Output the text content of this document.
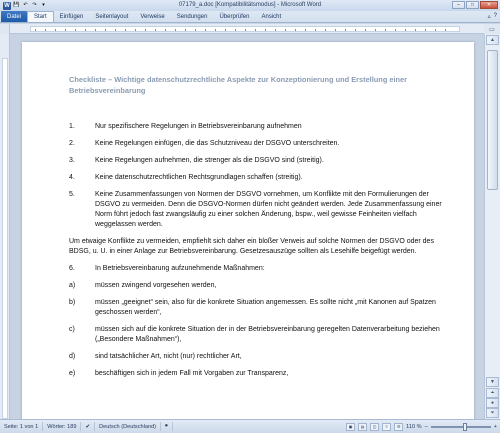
W 💾 ↶ ↷	▾	07179_a.doc [Kompatibilitätsmodus] - Microsoft Word	–	□	✕
Datei	Start	Einfügen	Seitenlayout	Verweise	Sendungen	Überprüfen	Ansicht	▵ ?
▭
Checkliste – Wichtige datenschutzrechtliche Aspekte zur Konzeptionierung und Erstellung einer Betriebsvereinbarung
1.	Nur spezifischere Regelungen in Betriebsvereinbarung aufnehmen
2.	Keine Regelungen einfügen, die das Schutzniveau der DSGVO unterschreiten.
3.	Keine Regelungen aufnehmen, die strenger als die DSGVO sind (streitig).
4.	Keine datenschutzrechtlichen Rechtsgrundlagen schaffen (streitig).
5.	Keine Zusammenfassungen von Normen der DSGVO vornehmen, um Konflikte mit den Formulierungen der DSGVO zu vermeiden. Denn die DSGVO-Normen dürfen nicht geändert werden. Jede Zusammenfassung einer Norm führt jedoch fast zwangsläufig zu einer solchen Änderung, bspw., weil gewisse Feinheiten vielfach weggelassen werden.
Um etwaige Konflikte zu vermeiden, empfiehlt sich daher ein bloßer Verweis auf solche Normen der DSGVO oder des BDSG, u. U. in einer Anlage zur Betriebsvereinbarung. Gesetzesauszüge sollten als Lesehilfe beigefügt werden.
6.	In Betriebsvereinbarung aufzunehmende Maßnahmen:
a)	müssen zwingend vorgesehen werden,
b)	müssen „geeignet“ sein, also für die konkrete Situation angemessen. Es sollte nicht „mit Kanonen auf Spatzen geschossen werden“,
c)	müssen sich auf die konkrete Situation der in der Betriebsvereinbarung geregelten Datenverarbeitung beziehen („Besondere Maßnahmen“),
d)	sind tatsächlicher Art, nicht (nur) rechtlicher Art,
e)	beschäftigen sich in jedem Fall mit Vorgaben zur Transparenz,
▲
▼
⏶
●
⏷
Seite: 1 von 1	Wörter: 189	✔	Deutsch (Deutschland)	⏺	▣	▤	◫	≡	☰	110 % –	+
